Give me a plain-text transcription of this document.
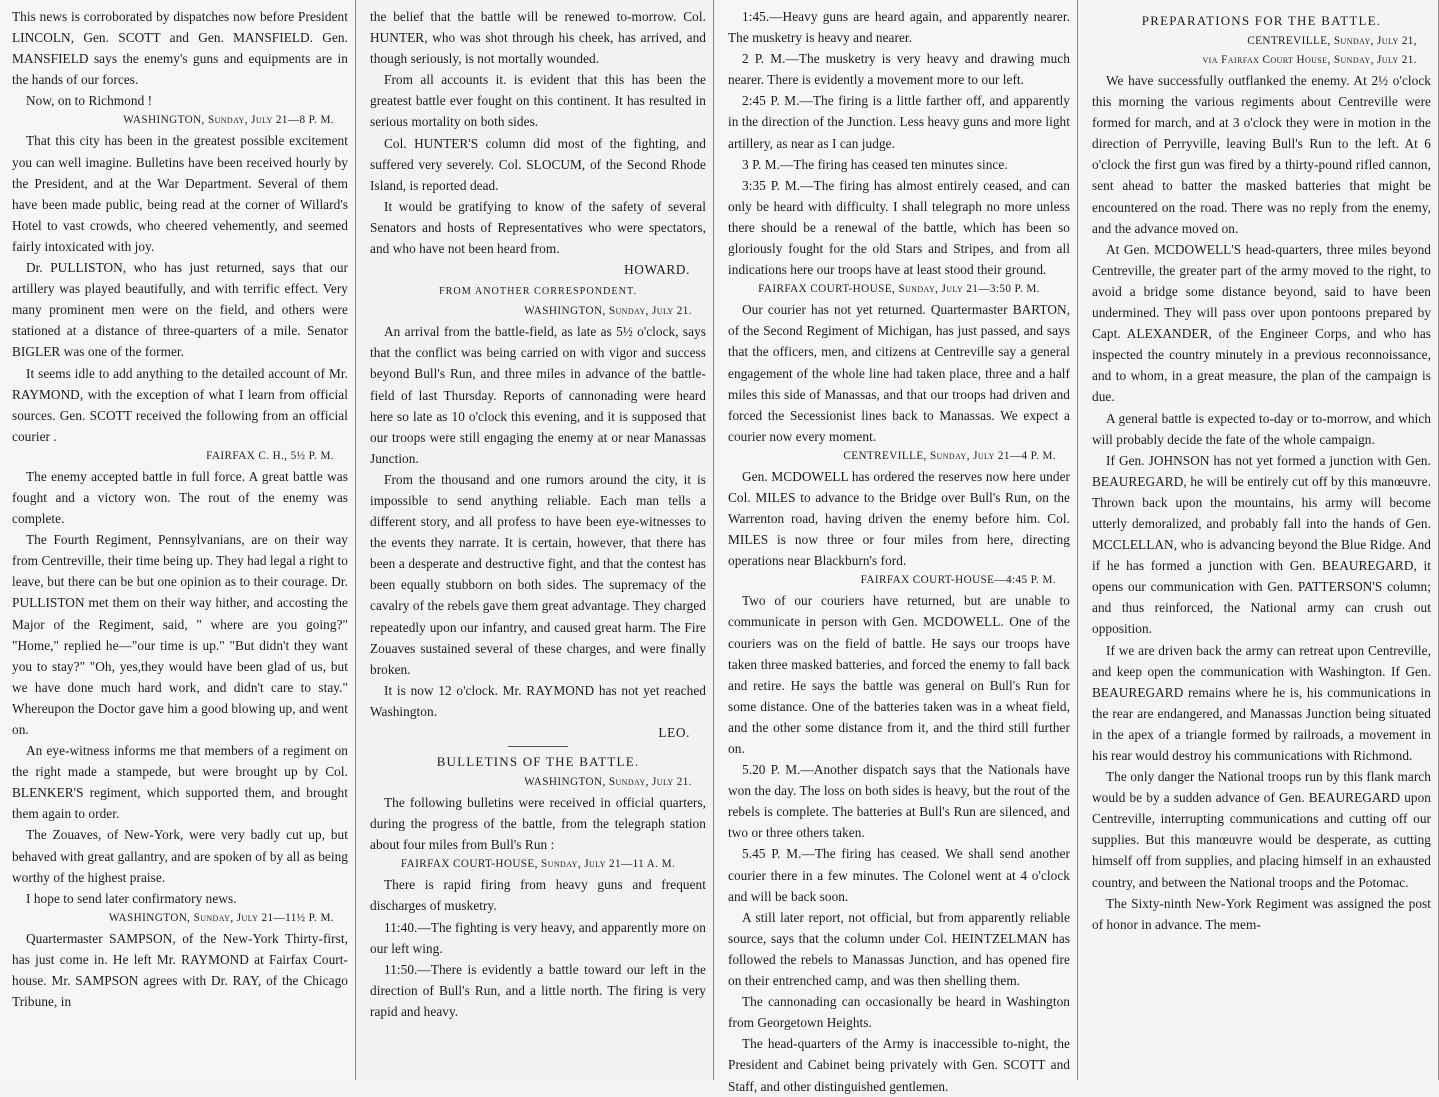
This news is corroborated by dispatches now before President LINCOLN, Gen. SCOTT and Gen. MANSFIELD. Gen. MANSFIELD says the enemy's guns and equipments are in the hands of our forces.

Now, on to Richmond !

WASHINGTON, Sunday, July 21—8 P. M.

That this city has been in the greatest possible excitement you can well imagine. Bulletins have been received hourly by the President, and at the War Department. Several of them have been made public, being read at the corner of Willard's Hotel to vast crowds, who cheered vehemently, and seemed fairly intoxicated with joy.

Dr. PULLISTON, who has just returned, says that our artillery was played beautifully, and with terrific effect. Very many prominent men were on the field, and others were stationed at a distance of three-quarters of a mile. Senator BIGLER was one of the former.

It seems idle to add anything to the detailed account of Mr. RAYMOND, with the exception of what I learn from official sources. Gen. SCOTT received the following from an official courier .

FAIRFAX C. H., 5½ P. M.

The enemy accepted battle in full force. A great battle was fought and a victory won. The rout of the enemy was complete.

The Fourth Regiment, Pennsylvanians, are on their way from Centreville, their time being up. They had legal a right to leave, but there can be but one opinion as to their courage. Dr. PULLISTON met them on their way hither, and accosting the Major of the Regiment, said, " where are you going?" "Home," replied he—"our time is up." "But didn't they want you to stay?" "Oh, yes,they would have been glad of us, but we have done much hard work, and didn't care to stay." Whereupon the Doctor gave him a good blowing up, and went on.

An eye-witness informs me that members of a regiment on the right made a stampede, but were brought up by Col. BLENKER'S regiment, which supported them, and brought them again to order.

The Zouaves, of New-York, were very badly cut up, but behaved with great gallantry, and are spoken of by all as being worthy of the highest praise.

I hope to send later confirmatory news.

WASHINGTON, Sunday, July 21—11½ P. M.

Quartermaster SAMPSON, of the New-York Thirty-first, has just come in. He left Mr. RAYMOND at Fairfax Court-house. Mr. SAMPSON agrees with Dr. RAY, of the Chicago Tribune, in

the belief that the battle will be renewed to-morrow. Col. HUNTER, who was shot through his cheek, has arrived, and though seriously, is not mortally wounded.

From all accounts it. is evident that this has been the greatest battle ever fought on this continent. It has resulted in serious mortality on both sides.

Col. HUNTER'S column did most of the fighting, and suffered very severely. Col. SLOCUM, of the Second Rhode Island, is reported dead.

It would be gratifying to know of the safety of several Senators and hosts of Representatives who were spectators, and who have not been heard from.

HOWARD.

FROM ANOTHER CORRESPONDENT.
WASHINGTON, Sunday, July 21.

An arrival from the battle-field, as late as 5½ o'clock, says that the conflict was being carried on with vigor and success beyond Bull's Run, and three miles in advance of the battle-field of last Thursday. Reports of cannonading were heard here so late as 10 o'clock this evening, and it is supposed that our troops were still engaging the enemy at or near Manassas Junction.

From the thousand and one rumors around the city, it is impossible to send anything reliable. Each man tells a different story, and all profess to have been eye-witnesses to the events they narrate. It is certain, however, that there has been a desperate and destructive fight, and that the contest has been equally stubborn on both sides. The supremacy of the cavalry of the rebels gave them great advantage. They charged repeatedly upon our infantry, and caused great harm. The Fire Zouaves sustained several of these charges, and were finally broken.

It is now 12 o'clock. Mr. RAYMOND has not yet reached Washington.

LEO.

BULLETINS OF THE BATTLE.
WASHINGTON, Sunday, July 21.

The following bulletins were received in official quarters, during the progress of the battle, from the telegraph station about four miles from Bull's Run :

FAIRFAX COURT-HOUSE, Sunday, July 21—11 A. M.

There is rapid firing from heavy guns and frequent discharges of musketry.

11:40.—The fighting is very heavy, and apparently more on our left wing.

11:50.—There is evidently a battle toward our left in the direction of Bull's Run, and a little north. The firing is very rapid and heavy.

1:45.—Heavy guns are heard again, and apparently nearer. The musketry is heavy and nearer.

2 P. M.—The musketry is very heavy and drawing much nearer. There is evidently a movement more to our left.

2:45 P. M.—The firing is a little farther off, and apparently in the direction of the Junction. Less heavy guns and more light artillery, as near as I can judge.

3 P. M.—The firing has ceased ten minutes since.

3:35 P. M.—The firing has almost entirely ceased, and can only be heard with difficulty. I shall telegraph no more unless there should be a renewal of the battle, which has been so gloriously fought for the old Stars and Stripes, and from all indications here our troops have at least stood their ground.

FAIRFAX COURT-HOUSE, Sunday, July 21—3:50 P. M.

Our courier has not yet returned. Quartermaster BARTON, of the Second Regiment of Michigan, has just passed, and says that the officers, men, and citizens at Centreville say a general engagement of the whole line had taken place, three and a half miles this side of Manassas, and that our troops had driven and forced the Secessionist lines back to Manassas. We expect a courier now every moment.

CENTREVILLE, Sunday, July 21—4 P. M.

Gen. MCDOWELL has ordered the reserves now here under Col. MILES to advance to the Bridge over Bull's Run, on the Warrenton road, having driven the enemy before him. Col. MILES is now three or four miles from here, directing operations near Blackburn's ford.

FAIRFAX COURT-HOUSE—4:45 P. M.

Two of our couriers have returned, but are unable to communicate in person with Gen. MCDOWELL. One of the couriers was on the field of battle. He says our troops have taken three masked batteries, and forced the enemy to fall back and retire. He says the battle was general on Bull's Run for some distance. One of the batteries taken was in a wheat field, and the other some distance from it, and the third still further on.

5.20 P. M.—Another dispatch says that the Nationals have won the day. The loss on both sides is heavy, but the rout of the rebels is complete. The batteries at Bull's Run are silenced, and two or three others taken.

5.45 P. M.—The firing has ceased. We shall send another courier there in a few minutes. The Colonel went at 4 o'clock and will be back soon.

A still later report, not official, but from apparently reliable source, says that the column under Col. HEINTZELMAN has followed the rebels to Manassas Junction, and has opened fire on their entrenched camp, and was then shelling them.

The cannonading can occasionally be heard in Washington from Georgetown Heights.

The head-quarters of the Army is inaccessible to-night, the President and Cabinet being privately with Gen. SCOTT and Staff, and other distinguished gentlemen.

PREPARATIONS FOR THE BATTLE.
CENTREVILLE, Sunday, July 21,
via Fairfax Court House, Sunday, July 21.

We have successfully outflanked the enemy. At 2½ o'clock this morning the various regiments about Centreville were formed for march, and at 3 o'clock they were in motion in the direction of Perryville, leaving Bull's Run to the left. At 6 o'clock the first gun was fired by a thirty-pound rifled cannon, sent ahead to batter the masked batteries that might be encountered on the road. There was no reply from the enemy, and the advance moved on.

At Gen. MCDOWELL'S head-quarters, three miles beyond Centreville, the greater part of the army moved to the right, to avoid a bridge some distance beyond, said to have been undermined. They will pass over upon pontoons prepared by Capt. ALEXANDER, of the Engineer Corps, and who has inspected the country minutely in a previous reconnoissance, and to whom, in a great measure, the plan of the campaign is due.

A general battle is expected to-day or to-morrow, and which will probably decide the fate of the whole campaign.

If Gen. JOHNSON has not yet formed a junction with Gen. BEAUREGARD, he will be entirely cut off by this manœuvre. Thrown back upon the mountains, his army will become utterly demoralized, and probably fall into the hands of Gen. MCCLELLAN, who is advancing beyond the Blue Ridge. And if he has formed a junction with Gen. BEAUREGARD, it opens our communication with Gen. PATTERSON'S column; and thus reinforced, the National army can crush out opposition.

If we are driven back the army can retreat upon Centreville, and keep open the communication with Washington. If Gen. BEAUREGARD remains where he is, his communications in the rear are endangered, and Manassas Junction being situated in the apex of a triangle formed by railroads, a movement in his rear would destroy his communications with Richmond.

The only danger the National troops run by this flank march would be by a sudden advance of Gen. BEAUREGARD upon Centreville, interrupting communications and cutting off our supplies. But this manœuvre would be desperate, as cutting himself off from supplies, and placing himself in an exhausted country, and between the National troops and the Potomac.

The Sixty-ninth New-York Regiment was assigned the post of honor in advance. The mem-
